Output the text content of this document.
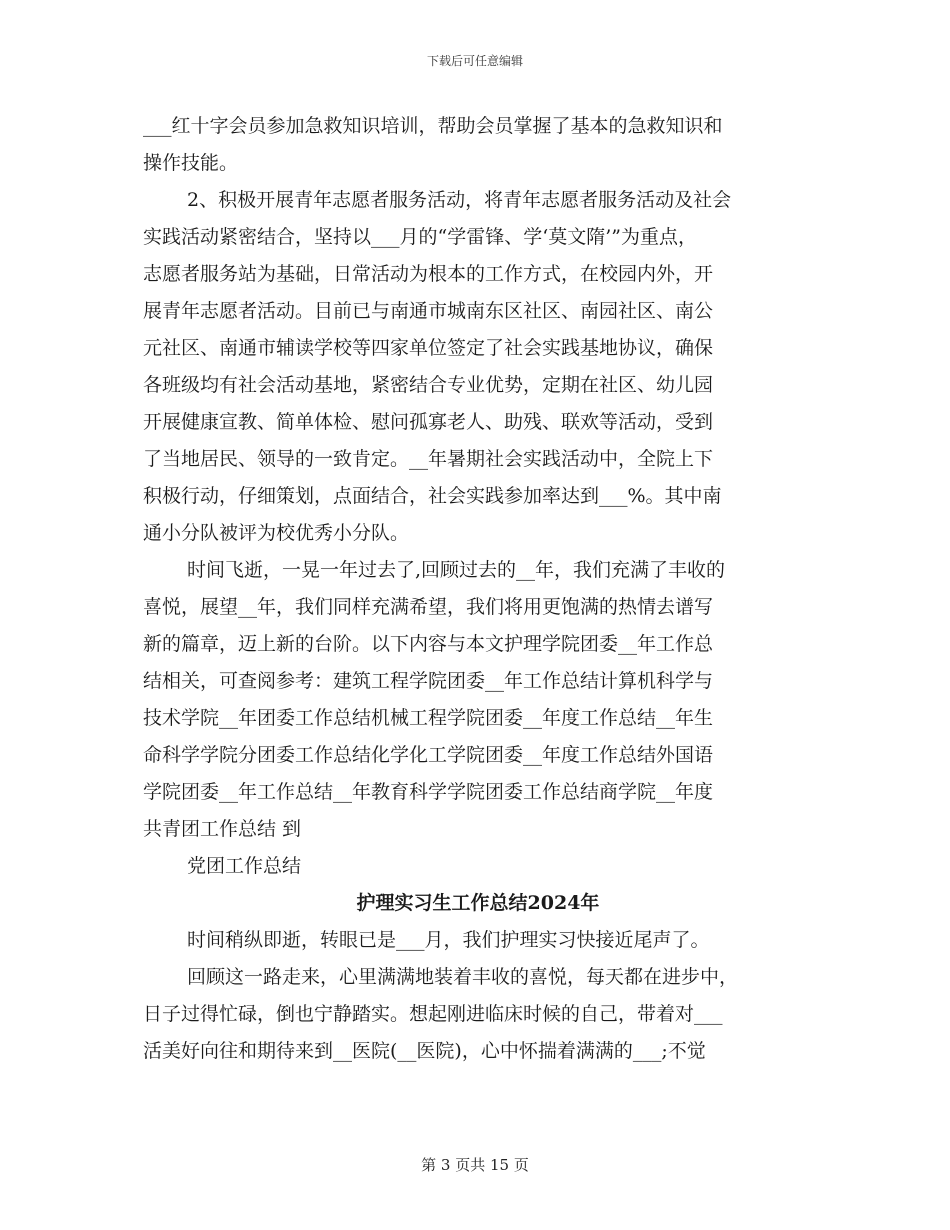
下载后可任意编辑
___红十字会员参加急救知识培训，帮助会员掌握了基本的急救知识和
操作技能。
2、积极开展青年志愿者服务活动，将青年志愿者服务活动及社会
实践活动紧密结合，坚持以___月的“学雷锋、学‘莫文隋’”为重点，
志愿者服务站为基础，日常活动为根本的工作方式，在校园内外，开
展青年志愿者活动。目前已与南通市城南东区社区、南园社区、南公
元社区、南通市辅读学校等四家单位签定了社会实践基地协议，确保
各班级均有社会活动基地，紧密结合专业优势，定期在社区、幼儿园
开展健康宣教、简单体检、慰问孤寡老人、助残、联欢等活动，受到
了当地居民、领导的一致肯定。__年暑期社会实践活动中，全院上下
积极行动，仔细策划，点面结合，社会实践参加率达到___%。其中南
通小分队被评为校优秀小分队。
时间飞逝，一晃一年过去了,回顾过去的__年，我们充满了丰收的
喜悦，展望__年，我们同样充满希望，我们将用更饱满的热情去谱写
新的篇章，迈上新的台阶。以下内容与本文护理学院团委__年工作总
结相关，可查阅参考：建筑工程学院团委__年工作总结计算机科学与
技术学院__年团委工作总结机械工程学院团委__年度工作总结__年生
命科学学院分团委工作总结化学化工学院团委__年度工作总结外国语
学院团委__年工作总结__年教育科学学院团委工作总结商学院__年度
共青团工作总结 到
党团工作总结
护理实习生工作总结2024年
时间稍纵即逝，转眼已是___月，我们护理实习快接近尾声了。
回顾这一路走来，心里满满地装着丰收的喜悦，每天都在进步中，
日子过得忙碌，倒也宁静踏实。想起刚进临床时候的自己，带着对___
活美好向往和期待来到__医院(__医院)，心中怀揣着满满的___;不觉
第 3 页共 15 页
